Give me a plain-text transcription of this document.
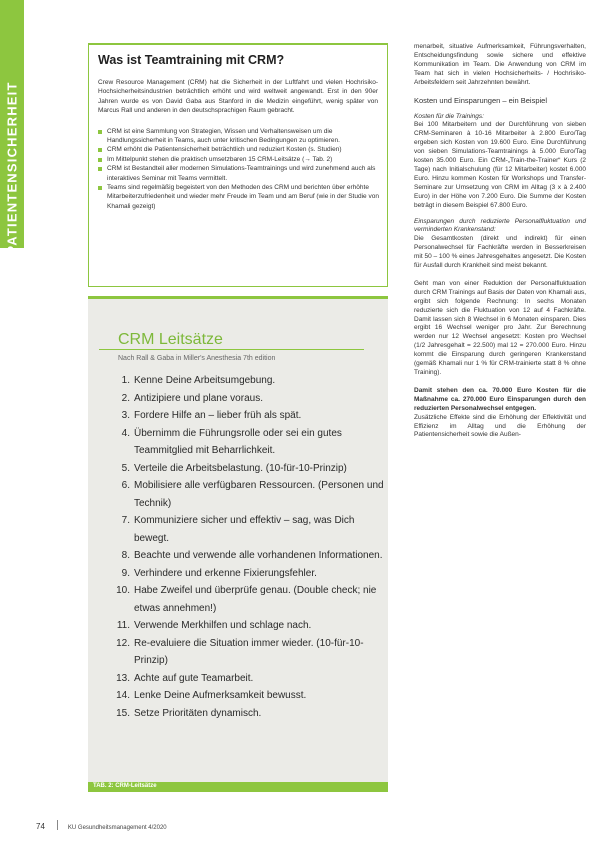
PATIENTENSICHERHEIT
Was ist Teamtraining mit CRM?

Crew Resource Management (CRM) hat die Sicherheit in der Luftfahrt und vielen Hochrisiko-Hochsicherheitsindustrien beträchtlich erhöht und wird weltweit angewandt. Erst in den 90er Jahren wurde es von David Gaba aus Stanford in die Medizin eingeführt, wenig später von Marcus Rall und anderen in den deutschsprachigen Raum gebracht.

CRM ist eine Sammlung von Strategien, Wissen und Verhaltensweisen um die Handlungssicherheit in Teams, auch unter kritischen Bedingungen zu optimieren.
CRM erhöht die Patientensicherheit beträchtlich und reduziert Kosten (s. Studien)
Im Mittelpunkt stehen die praktisch umsetzbaren 15 CRM-Leitsätze (→ Tab. 2)
CRM ist Bestandteil aller modernen Simulations-Teamtrainings und wird zunehmend auch als interaktives Seminar mit Teams vermittelt.
Teams sind regelmäßig begeistert von den Methoden des CRM und berichten über erhöhte Mitarbeiterzufriedenheit und wieder mehr Freude im Team und am Beruf (wie in der Studie von Khamali gezeigt)
CRM Leitsätze
Nach Rall & Gaba in Miller's Anesthesia 7th edition
1. Kenne Deine Arbeitsumgebung.
2. Antizipiere und plane voraus.
3. Fordere Hilfe an – lieber früh als spät.
4. Übernimm die Führungsrolle oder sei ein gutes Teammitglied mit Beharrlichkeit.
5. Verteile die Arbeitsbelastung. (10-für-10-Prinzip)
6. Mobilisiere alle verfügbaren Ressourcen. (Personen und Technik)
7. Kommuniziere sicher und effektiv – sag, was Dich bewegt.
8. Beachte und verwende alle vorhandenen Informationen.
9. Verhindere und erkenne Fixierungsfehler.
10. Habe Zweifel und überprüfe genau. (Double check; nie etwas annehmen!)
11. Verwende Merkhilfen und schlage nach.
12. Re-evaluiere die Situation immer wieder. (10-für-10-Prinzip)
13. Achte auf gute Teamarbeit.
14. Lenke Deine Aufmerksamkeit bewusst.
15. Setze Prioritäten dynamisch.
TAB. 2: CRM-Leitsätze

menarbeit, situative Aufmerksamkeit, Führungsverhalten, Entscheidungsfindung sowie sichere und effektive Kommunikation im Team. Die Anwendung von CRM im Team hat sich in vielen Hochsicherheits- / Hochrisiko-Arbeitsfeldern seit Jahrzehnten bewährt.

Kosten und Einsparungen – ein Beispiel

Kosten für die Trainings:

Bei 100 Mitarbeitern und der Durchführung von sieben CRM-Seminaren à 10-16 Mitarbeiter à 2.800 Euro/Tag ergeben sich Kosten von 19.600 Euro. Eine Durchführung von sieben Simulations-Teamtrainings à 5.000 Euro/Tag kosten 35.000 Euro. Ein CRM-„Train-the-Trainer“ Kurs (2 Tage) nach Initialschulung (für 12 Mitarbeiter) kostet 6.000 Euro. Hinzu kommen Kosten für Workshops und Transfer-Seminare zur Umsetzung von CRM im Alltag (3 x à 2.400 Euro) in der Höhe von 7.200 Euro. Die Summe der Kosten beträgt in diesem Beispiel 67.800 Euro.

Einsparungen durch reduzierte Personalfluktuation und verminderten Krankenstand:

Die Gesamtkosten (direkt und indirekt) für einen Personalwechsel für Fachkräfte werden in Besserkreisen mit 50 – 100 % eines Jahresgehaltes angesetzt. Die Kosten für Ausfall durch Krankheit sind meist bekannt.

Geht man von einer Reduktion der Personalfluktuation durch CRM Trainings auf Basis der Daten von Khamali aus, ergibt sich folgende Rechnung: In sechs Monaten reduzierte sich die Fluktuation von 12 auf 4 Fachkräfte. Damit lassen sich 8 Wechsel in 6 Monaten einsparen. Dies ergibt 16 Wechsel weniger pro Jahr. Zur Berechnung werden nur 12 Wechsel angesetzt: Kosten pro Wechsel (1/2 Jahresgehalt = 22.500) mal 12 = 270.000 Euro. Hinzu kommt die Einsparung durch geringeren Krankenstand (gemäß Khamali nur 1 % für CRM-trainierte statt 8 % ohne Training).

Damit stehen den ca. 70.000 Euro Kosten für die Maßnahme ca. 270.000 Euro Einsparungen durch den reduzierten Personalwechsel entgegen.

Zusätzliche Effekte sind die Erhöhung der Effektivität und Effizienz im Alltag und die Erhöhung der Patientensicherheit sowie die Außen-

74	KU Gesundheitsmanagement 4/2020
